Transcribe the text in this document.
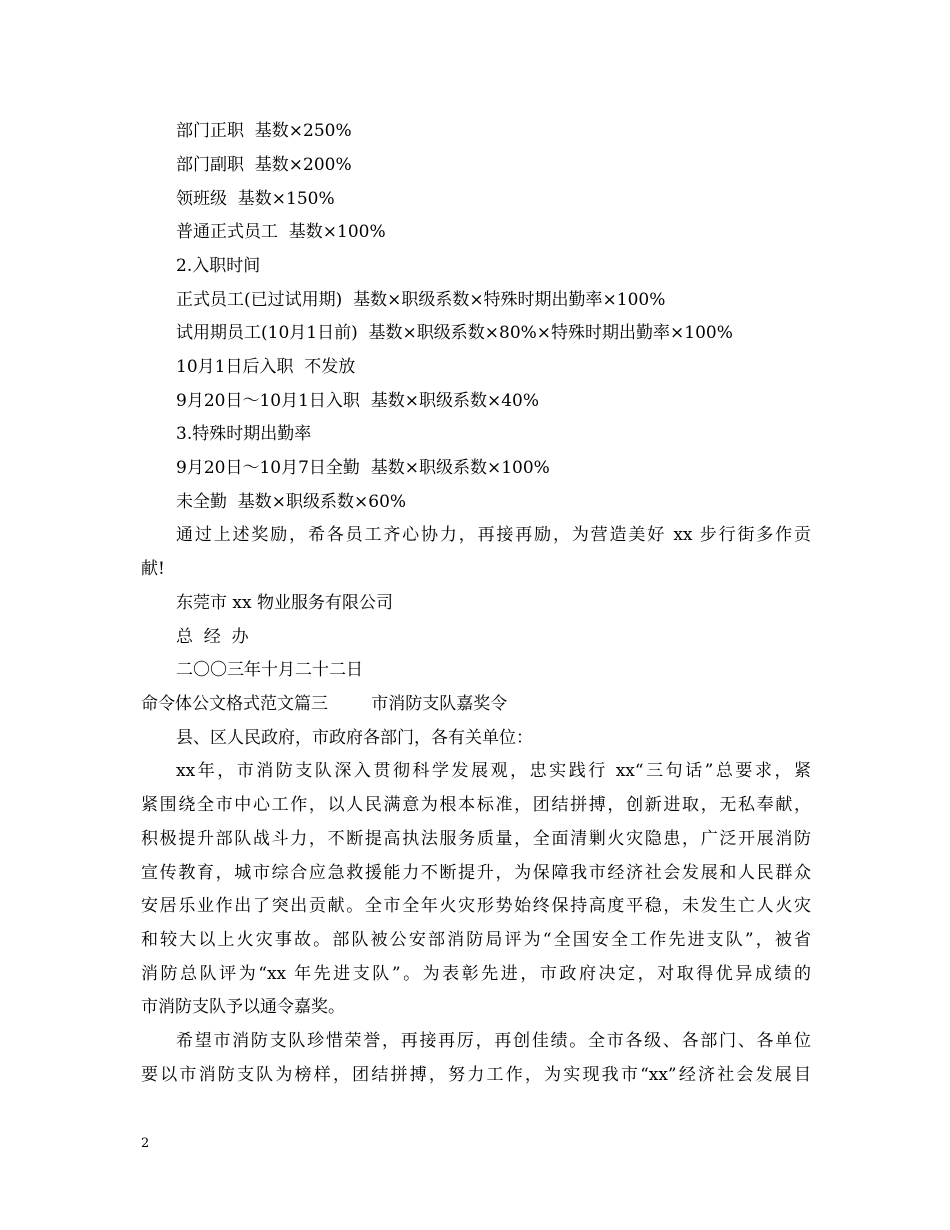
部门正职  基数×250%
部门副职  基数×200%
领班级  基数×150%
普通正式员工  基数×100%
2.入职时间
正式员工(已过试用期)  基数×职级系数×特殊时期出勤率×100%
试用期员工(10月1日前)  基数×职级系数×80%×特殊时期出勤率×100%
10月1日后入职  不发放
9月20日～10月1日入职  基数×职级系数×40%
3.特殊时期出勤率
9月20日～10月7日全勤  基数×职级系数×100%
未全勤  基数×职级系数×60%
通过上述奖励，希各员工齐心协力，再接再励，为营造美好 xx 步行街多作贡
献!
东莞市 xx 物业服务有限公司
总  经  办
二〇〇三年十月二十二日
命令体公文格式范文篇三        市消防支队嘉奖令
县、区人民政府，市政府各部门，各有关单位：
xx年，市消防支队深入贯彻科学发展观，忠实践行 xx“三句话”总要求，紧
紧围绕全市中心工作，以人民满意为根本标准，团结拼搏，创新进取，无私奉献，
积极提升部队战斗力，不断提高执法服务质量，全面清剿火灾隐患，广泛开展消防
宣传教育，城市综合应急救援能力不断提升，为保障我市经济社会发展和人民群众
安居乐业作出了突出贡献。全市全年火灾形势始终保持高度平稳，未发生亡人火灾
和较大以上火灾事故。部队被公安部消防局评为“全国安全工作先进支队”，被省
消防总队评为“xx 年先进支队”。为表彰先进，市政府决定，对取得优异成绩的
市消防支队予以通令嘉奖。
希望市消防支队珍惜荣誉，再接再厉，再创佳绩。全市各级、各部门、各单位
要以市消防支队为榜样，团结拼搏，努力工作，为实现我市“xx”经济社会发展目
2
